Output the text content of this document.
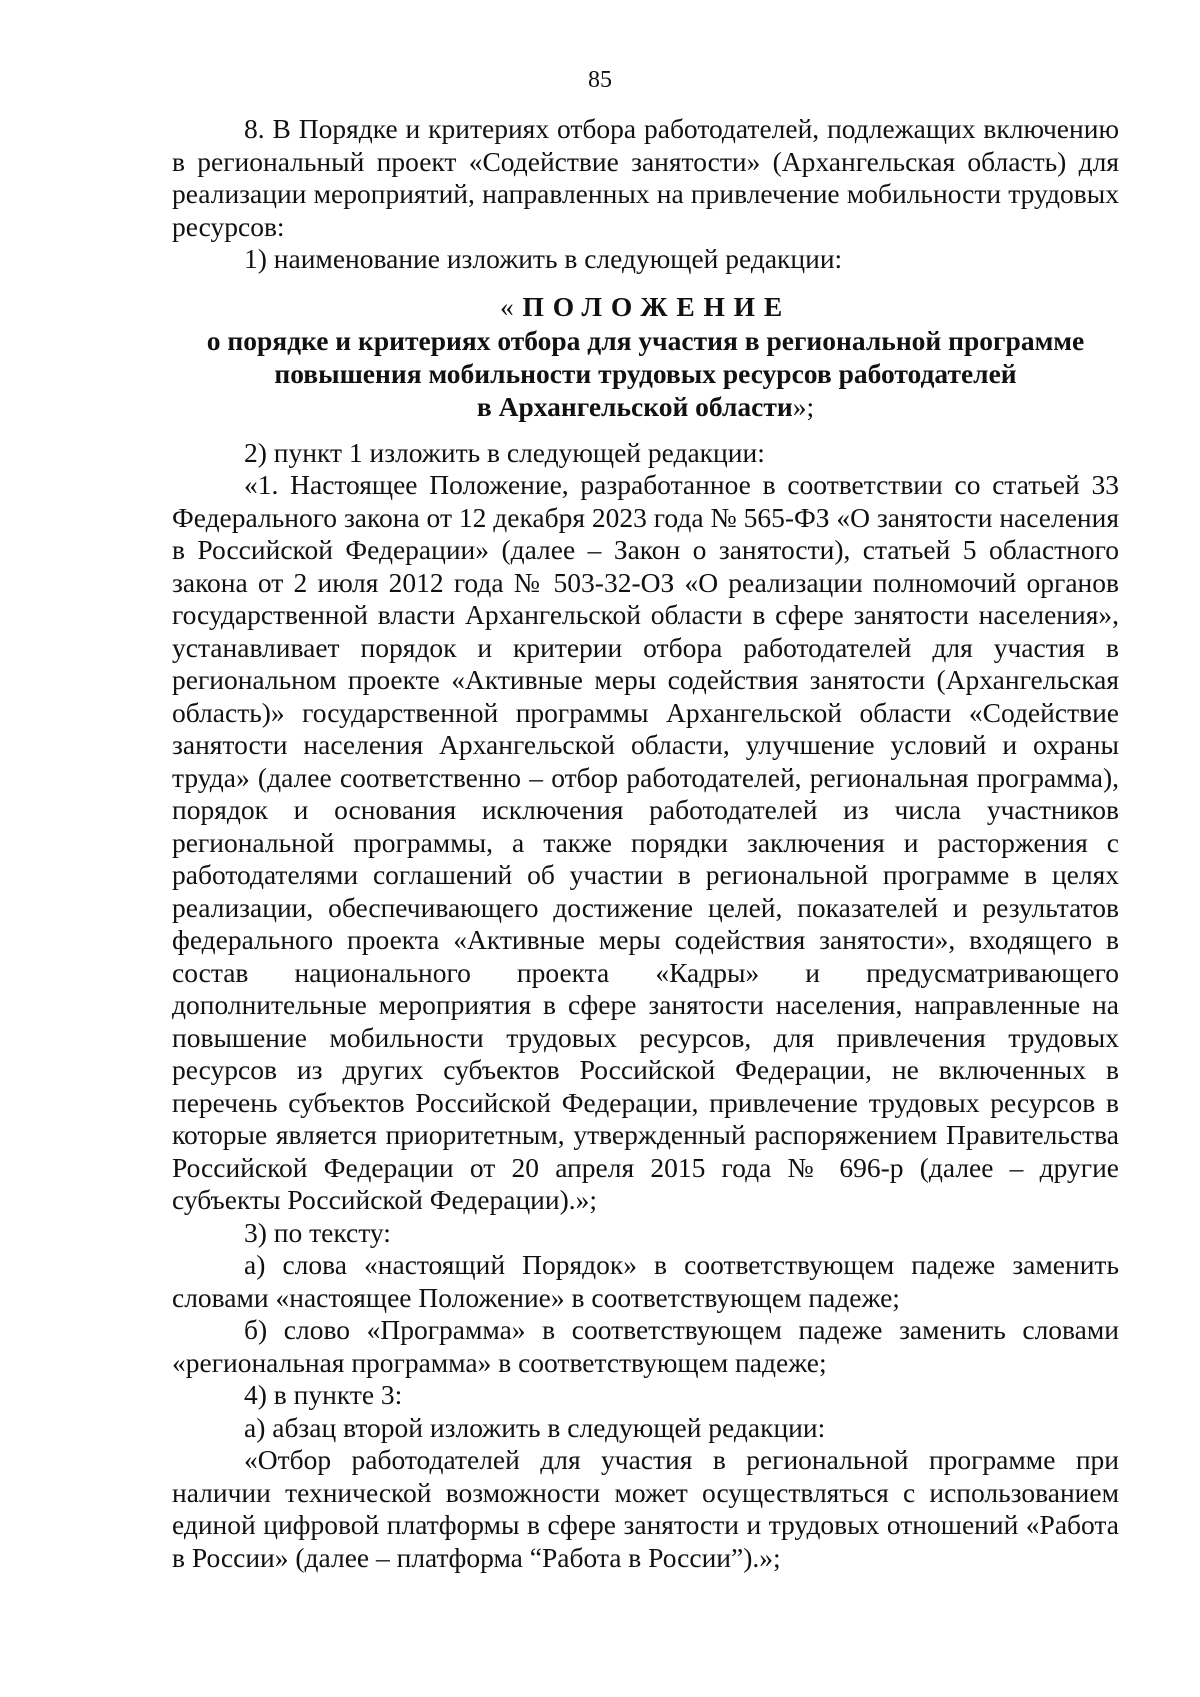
85

8. В Порядке и критериях отбора работодателей, подлежащих включению в региональный проект «Содействие занятости» (Архангельская область) для реализации мероприятий, направленных на привлечение мобильности трудовых ресурсов:

1) наименование изложить в следующей редакции:

«ПОЛОЖЕНИЕ
о порядке и критериях отбора для участия в региональной программе
повышения мобильности трудовых ресурсов работодателей
в Архангельской области»;

2) пункт 1 изложить в следующей редакции:

«1. Настоящее Положение, разработанное в соответствии со статьей 33 Федерального закона от 12 декабря 2023 года № 565-ФЗ «О занятости населения в Российской Федерации» (далее – Закон о занятости), статьей 5 областного закона от 2 июля 2012 года № 503-32-ОЗ «О реализации полномочий органов государственной власти Архангельской области в сфере занятости населения», устанавливает порядок и критерии отбора работодателей для участия в региональном проекте «Активные меры содействия занятости (Архангельская область)» государственной программы Архангельской области «Содействие занятости населения Архангельской области, улучшение условий и охраны труда» (далее соответственно – отбор работодателей, региональная программа), порядок и основания исключения работодателей из числа участников региональной программы, а также порядки заключения и расторжения с работодателями соглашений об участии в региональной программе в целях реализации, обеспечивающего достижение целей, показателей и результатов федерального проекта «Активные меры содействия занятости», входящего в состав национального проекта «Кадры» и предусматривающего дополнительные мероприятия в сфере занятости населения, направленные на повышение мобильности трудовых ресурсов, для привлечения трудовых ресурсов из других субъектов Российской Федерации, не включенных в перечень субъектов Российской Федерации, привлечение трудовых ресурсов в которые является приоритетным, утвержденный распоряжением Правительства Российской Федерации от 20 апреля 2015 года № 696-р (далее – другие субъекты Российской Федерации).»;

3) по тексту:

а) слова «настоящий Порядок» в соответствующем падеже заменить словами «настоящее Положение» в соответствующем падеже;

б) слово «Программа» в соответствующем падеже заменить словами «региональная программа» в соответствующем падеже;

4) в пункте 3:

а) абзац второй изложить в следующей редакции:

«Отбор работодателей для участия в региональной программе при наличии технической возможности может осуществляться с использованием единой цифровой платформы в сфере занятости и трудовых отношений «Работа в России» (далее – платформа “Работа в России”).»;
